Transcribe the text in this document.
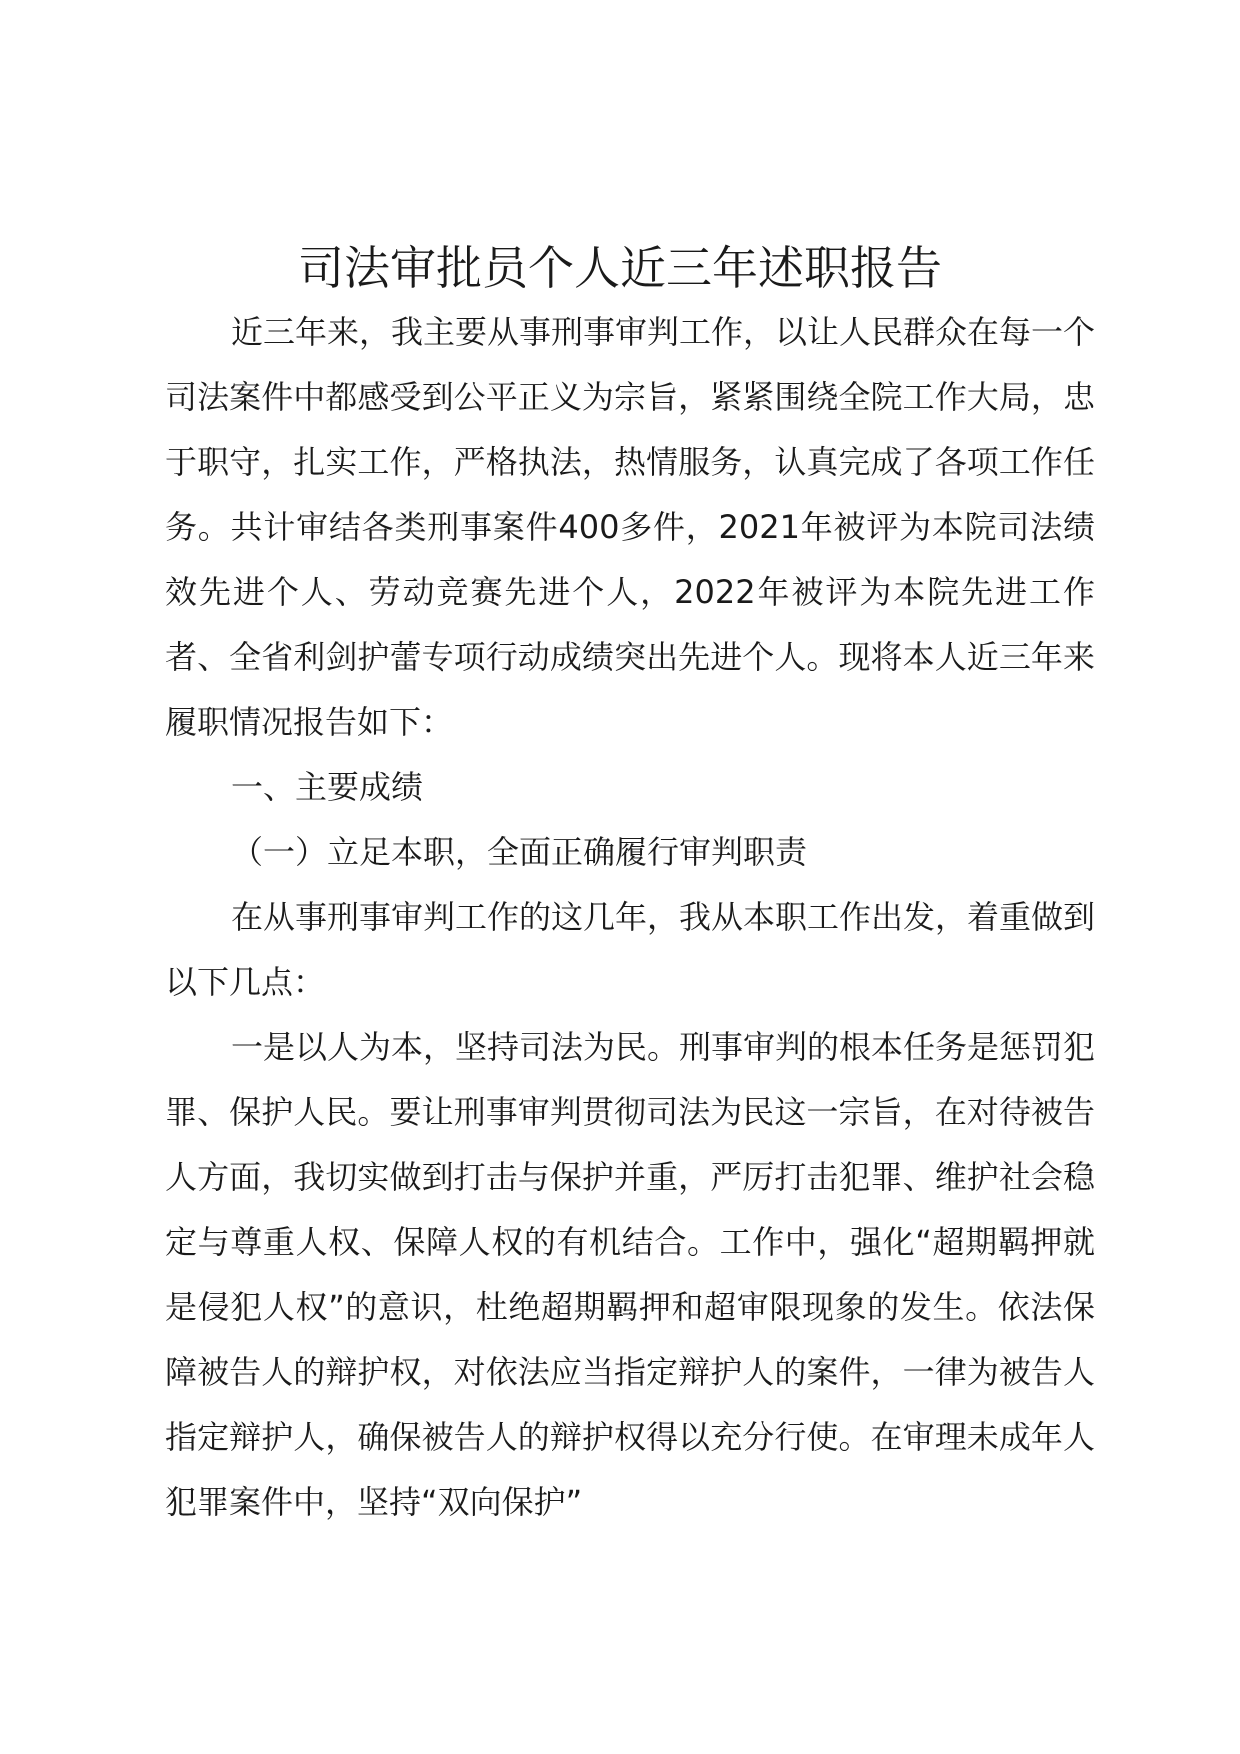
司法审批员个人近三年述职报告

近三年来，我主要从事刑事审判工作，以让人民群众在每一个司法案件中都感受到公平正义为宗旨，紧紧围绕全院工作大局，忠于职守，扎实工作，严格执法，热情服务，认真完成了各项工作任务。共计审结各类刑事案件400多件，2021年被评为本院司法绩效先进个人、劳动竞赛先进个人，2022年被评为本院先进工作者、全省利剑护蕾专项行动成绩突出先进个人。现将本人近三年来履职情况报告如下：

一、主要成绩

（一）立足本职，全面正确履行审判职责

在从事刑事审判工作的这几年，我从本职工作出发，着重做到以下几点：

一是以人为本，坚持司法为民。刑事审判的根本任务是惩罚犯罪、保护人民。要让刑事审判贯彻司法为民这一宗旨，在对待被告人方面，我切实做到打击与保护并重，严厉打击犯罪、维护社会稳定与尊重人权、保障人权的有机结合。工作中，强化“超期羁押就是侵犯人权”的意识，杜绝超期羁押和超审限现象的发生。依法保障被告人的辩护权，对依法应当指定辩护人的案件，一律为被告人指定辩护人，确保被告人的辩护权得以充分行使。在审理未成年人犯罪案件中，坚持“双向保护”
